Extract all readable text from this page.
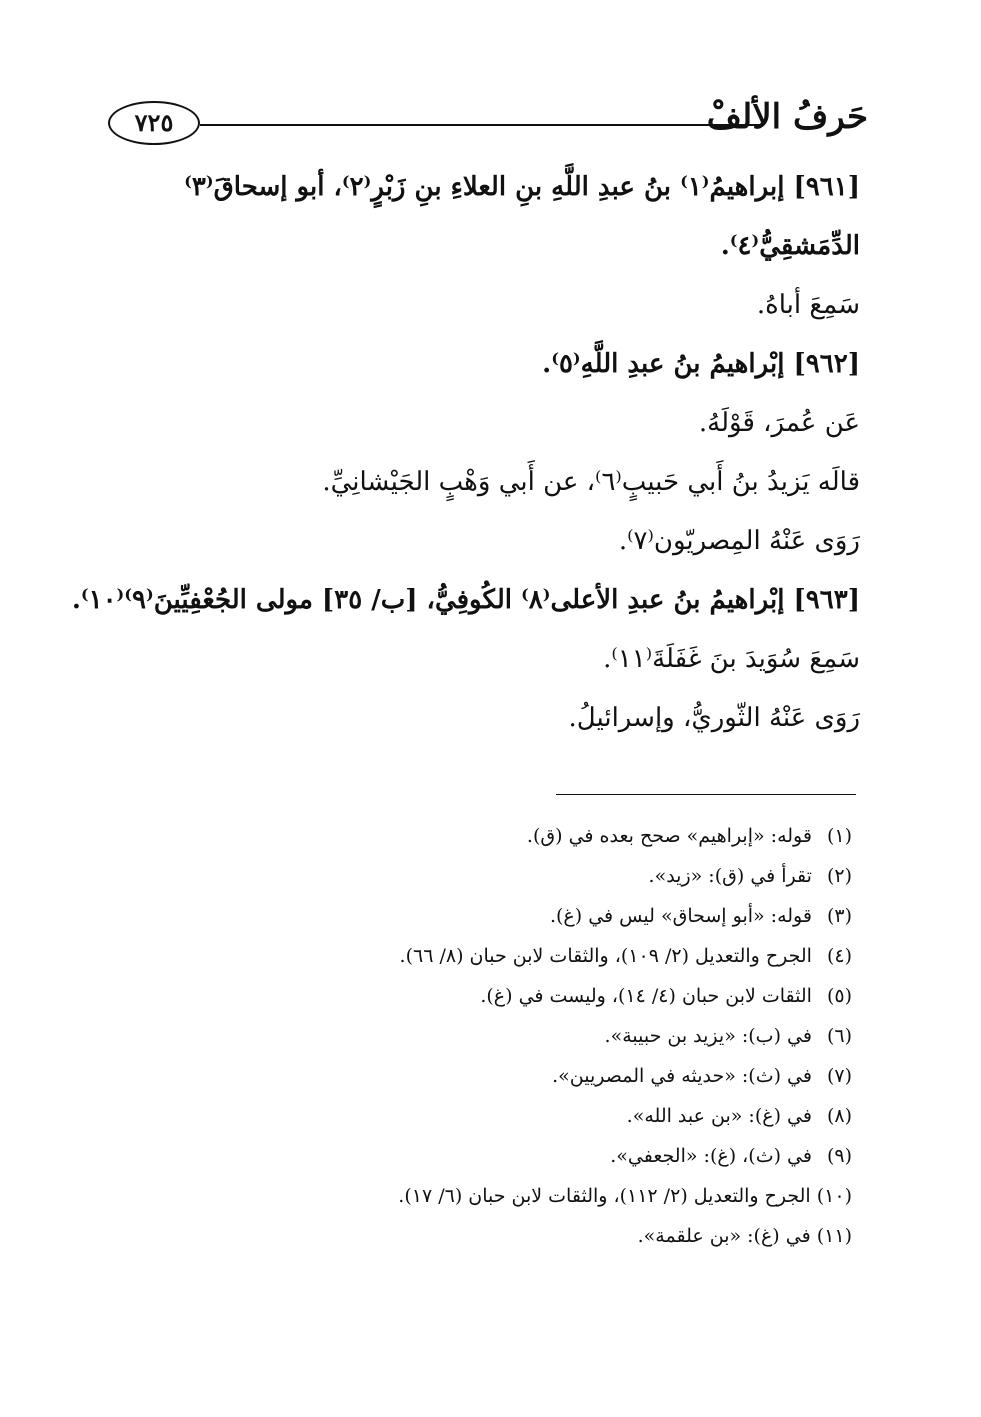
حَرفُ الألفْ
٧٢٥
[٩٦١] إبراهيمُ⁽١⁾ بنُ عبدِ اللَّهِ بنِ العلاءِ بنِ زَبْرٍ⁽٢⁾، أبو إسحاقَ⁽٣⁾
الدِّمَشقِيُّ⁽٤⁾.
سَمِعَ أباهُ.
[٩٦٢] إبْراهيمُ بنُ عبدِ اللَّهِ⁽٥⁾.
عَن عُمرَ، قَوْلَهُ.
قالَه يَزيدُ بنُ أَبي حَبيبٍ⁽٦⁾، عن أَبي وَهْبٍ الجَيْشانِيِّ.
رَوَى عَنْهُ المِصريّون⁽٧⁾.
[٩٦٣] إبْراهيمُ بنُ عبدِ الأعلى⁽٨⁾ الكُوفِيُّ، [ب/ ٣٥] مولى الجُعْفِيِّينَ⁽٩⁾⁽١٠⁾.
سَمِعَ سُوَيدَ بنَ غَفَلَةَ⁽١١⁾.
رَوَى عَنْهُ الثّوريُّ، وإسرائيلُ.
(١) قوله: «إبراهيم» صحح بعده في (ق).
(٢) تقرأ في (ق): «زيد».
(٣) قوله: «أبو إسحاق» ليس في (غ).
(٤) الجرح والتعديل (٢/ ١٠٩)، والثقات لابن حبان (٨/ ٦٦).
(٥) الثقات لابن حبان (٤/ ١٤)، وليست في (غ).
(٦) في (ب): «يزيد بن حبيبة».
(٧) في (ث): «حديثه في المصريين».
(٨) في (غ): «بن عبد الله».
(٩) في (ث)، (غ): «الجعفي».
(١٠) الجرح والتعديل (٢/ ١١٢)، والثقات لابن حبان (٦/ ١٧).
(١١) في (غ): «بن علقمة».
